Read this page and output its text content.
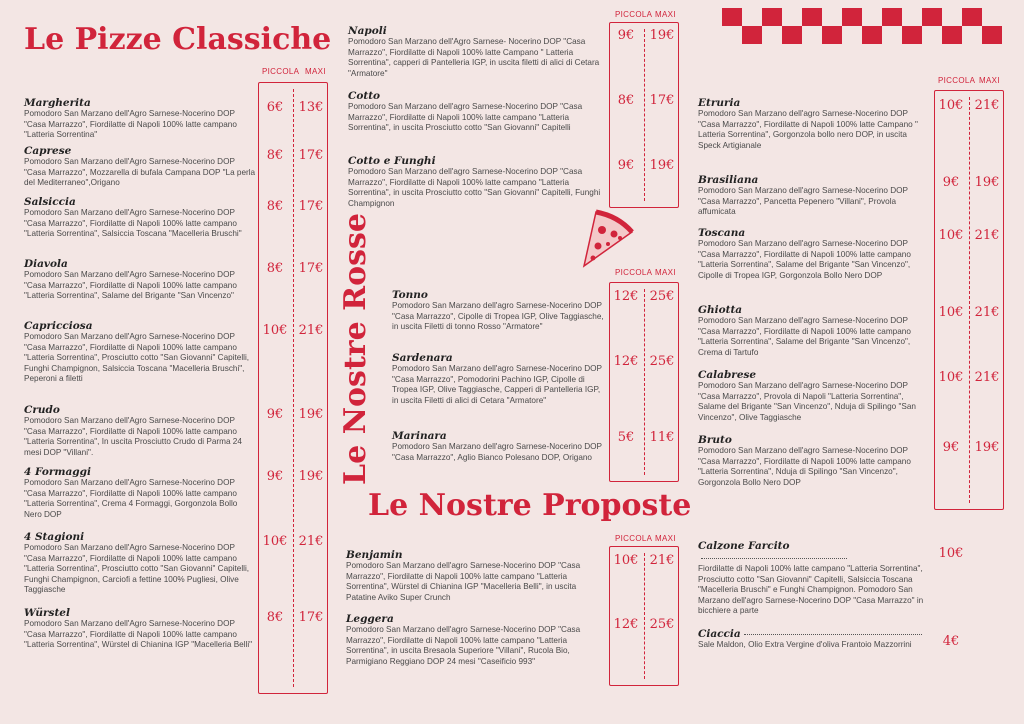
Le Pizze Classiche
Le Nostre Rosse
Le Nostre Proposte
PICCOLA MAXI
PICCOLA MAXI
PICCOLA MAXI
PICCOLA MAXI
PICCOLA MAXI
Margherita
Pomodoro San Marzano dell'Agro Sarnese-Nocerino DOP "Casa Marrazzo", Fiordilatte di Napoli 100% latte campano "Latteria Sorrentina"
6€	13€
Caprese
Pomodoro San Marzano dell'Agro Sarnese-Nocerino DOP "Casa Marrazzo", Mozzarella di bufala Campana DOP "La perla del Mediterraneo",Origano
8€	17€
Salsiccia
Pomodoro San Marzano dell'Agro Sarnese-Nocerino DOP "Casa Marrazzo", Fiordilatte di Napoli 100% latte campano "Latteria Sorrentina", Salsiccia Toscana "Macelleria Bruschi"
8€	17€
Diavola
Pomodoro San Marzano dell'Agro Sarnese-Nocerino DOP "Casa Marrazzo", Fiordilatte di Napoli 100% latte campano "Latteria Sorrentina", Salame del Brigante "San Vincenzo"
8€	17€
Capricciosa
Pomodoro San Marzano dell'Agro Sarnese-Nocerino DOP "Casa Marrazzo", Fiordilatte di Napoli 100% latte campano "Latteria Sorrentina", Prosciutto cotto "San Giovanni" Capitelli, Funghi Champignon, Salsiccia Toscana "Macelleria Bruschi", Peperoni a filetti
10€ 21€
Crudo
Pomodoro San Marzano dell'Agro Sarnese-Nocerino DOP "Casa Marrazzo", Fiordilatte di Napoli 100% latte campano "Latteria Sorrentina", In uscita Prosciutto Crudo di Parma 24 mesi DOP "Villani".
9€	19€
4 Formaggi
Pomodoro San Marzano dell'Agro Sarnese-Nocerino DOP "Casa Marrazzo", Fiordilatte di Napoli 100% latte campano "Latteria Sorrentina", Crema 4 Formaggi, Gorgonzola Bollo Nero DOP
9€	19€
4 Stagioni
Pomodoro San Marzano dell'Agro Sarnese-Nocerino DOP "Casa Marrazzo", Fiordilatte di Napoli 100% latte campano "Latteria Sorrentina", Prosciutto cotto "San Giovanni" Capitelli, Funghi Champignon, Carciofi a fettine 100% Pugliesi, Olive Taggiasche
10€ 21€
Würstel
Pomodoro San Marzano dell'Agro Sarnese-Nocerino DOP "Casa Marrazzo", Fiordilatte di Napoli 100% latte campano "Latteria Sorrentina", Würstel di Chianina IGP "Macelleria Belli"
8€	17€
Napoli
Pomodoro San Marzano dell'Agro Sarnese- Nocerino DOP "Casa Marrazzo", Fiordilatte di Napoli 100% latte Campano " Latteria Sorrentina", capperi di Pantelleria IGP, in uscita filetti di alici di Cetara "Armatore"
9€	19€
Cotto
Pomodoro San Marzano dell'agro Sarnese-Nocerino DOP "Casa Marrazzo", Fiordilatte di Napoli 100% latte campano "Latteria Sorrentina", in uscita Prosciutto cotto "San Giovanni" Capitelli
8€	17€
Cotto e Funghi
Pomodoro San Marzano dell'agro Sarnese-Nocerino DOP "Casa Marrazzo", Fiordilatte di Napoli 100% latte campano "Latteria Sorrentina", in uscita Prosciutto cotto "San Giovanni" Capitelli, Funghi Champignon
9€	19€
Tonno
Pomodoro San Marzano dell'agro Sarnese-Nocerino DOP "Casa Marrazzo", Cipolle di Tropea IGP, Olive Taggiasche, in uscita Filetti di tonno Rosso "Armatore"
12€ 25€
Sardenara
Pomodoro San Marzano dell'agro Sarnese-Nocerino DOP "Casa Marrazzo", Pomodorini Pachino IGP, Cipolle di Tropea IGP, Olive Taggiasche, Capperi di Pantelleria IGP, in uscita Filetti di alici di Cetara "Armatore"
12€ 25€
Marinara
Pomodoro San Marzano dell'agro Sarnese-Nocerino DOP "Casa Marrazzo", Aglio Bianco Polesano DOP, Origano
5€	11€
Benjamin
Pomodoro San Marzano dell'agro Sarnese-Nocerino DOP "Casa Marrazzo", Fiordilatte di Napoli 100% latte campano "Latteria Sorrentina", Würstel di Chianina IGP "Macelleria Belli", in uscita Patatine Aviko Super Crunch
10€ 21€
Leggera
Pomodoro San Marzano dell'agro Sarnese-Nocerino DOP "Casa Marrazzo", Fiordilatte di Napoli 100% latte campano "Latteria Sorrentina", in uscita Bresaola Superiore "Villani", Rucola Bio, Parmigiano Reggiano DOP 24 mesi "Caseificio 993"
12€ 25€
Etruria
Pomodoro San Marzano dell'agro Sarnese-Nocerino DOP "Casa Marrazzo", Fiordilatte di Napoli 100% latte Campano " Latteria Sorrentina", Gorgonzola bollo nero DOP, in uscita Speck Artigianale
10€ 21€
Brasiliana
Pomodoro San Marzano dell'agro Sarnese-Nocerino DOP "Casa Marrazzo", Pancetta Pepenero "Villani", Provola affumicata
9€	19€
Toscana
Pomodoro San Marzano dell'agro Sarnese-Nocerino DOP "Casa Marrazzo", Fiordilatte di Napoli 100% latte campano "Latteria Sorrentina", Salame del Brigante "San Vincenzo", Cipolle di Tropea IGP, Gorgonzola Bollo Nero DOP
10€ 21€
Ghiotta
Pomodoro San Marzano dell'agro Sarnese-Nocerino DOP "Casa Marrazzo", Fiordilatte di Napoli 100% latte campano "Latteria Sorrentina", Salame del Brigante "San Vincenzo", Crema di Tartufo
10€ 21€
Calabrese
Pomodoro San Marzano dell'agro Sarnese-Nocerino DOP "Casa Marrazzo", Provola di Napoli "Latteria Sorrentina", Salame del Brigante "San Vincenzo", Nduja di Spilingo "San Vincenzo", Olive Taggiasche
10€ 21€
Bruto
Pomodoro San Marzano dell'agro Sarnese-Nocerino DOP "Casa Marrazzo", Fiordilatte di Napoli 100% latte campano "Latteria Sorrentina", Nduja di Spilingo "San Vincenzo", Gorgonzola Bollo Nero DOP
9€	19€
Calzone Farcito
Fiordilatte di Napoli 100% latte campano "Latteria Sorrentina", Prosciutto cotto "San Giovanni" Capitelli, Salsiccia Toscana "Macelleria Bruschi" e Funghi Champignon. Pomodoro San Marzano dell'agro Sarnese-Nocerino DOP "Casa Marrazzo" in bicchiere a parte
10€
Ciaccia
Sale Maldon, Olio Extra Vergine d'oliva Frantoio Mazzorrini	4€
